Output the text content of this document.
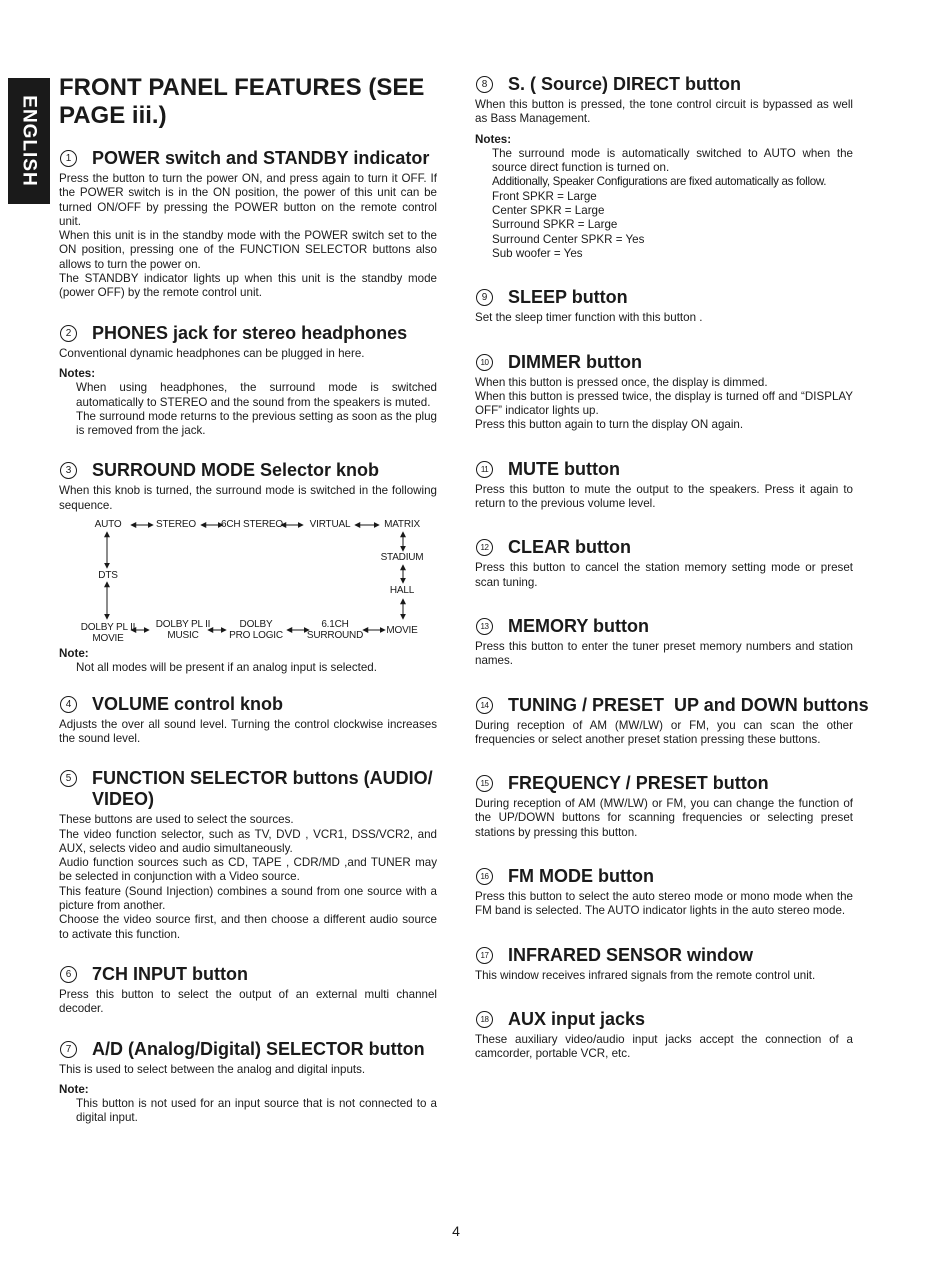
ENGLISH
FRONT PANEL FEATURES (SEE PAGE iii.)
1	POWER switch and STANDBY indicator

Press the button to turn the power ON, and press again to turn it OFF. If the POWER switch is in the ON position, the power of this unit can be turned ON/OFF by pressing the POWER button on the remote control unit.

When this unit is in the standby mode with the POWER switch set to the ON position, pressing one of the FUNCTION SELECTOR buttons also allows to turn the power on.

The STANDBY indicator lights up when this unit is the standby mode (power OFF) by the remote control unit.

2	PHONES jack for stereo headphones

Conventional dynamic headphones can be plugged in here.

Notes:

When using headphones, the surround mode is switched automatically to STEREO and the sound from the speakers is muted.

The surround mode returns to the previous setting as soon as the plug is removed from the jack.

3	SURROUND MODE Selector knob

When this knob is turned, the surround mode is switched in the following sequence.

AUTO	STEREO	6CH STEREO	VIRTUAL	MATRIX
STADIUM
HALL
MOVIE
6.1CH
SURROUND
DOLBY
PRO LOGIC
DOLBY PL II
MUSIC
DOLBY PL II
MOVIE
DTS
Note:

Not all modes will be present if an analog input is selected.

4	VOLUME control knob

Adjusts the over all sound level. Turning the control clockwise increases the sound level.

5	FUNCTION SELECTOR buttons (AUDIO/ VIDEO)

These buttons are used to select the sources.

The video function selector, such as TV, DVD , VCR1, DSS/VCR2, and AUX, selects video and audio simultaneously.

Audio function sources such as CD, TAPE , CDR/MD ,and TUNER may be selected in conjunction with a Video source.

This feature (Sound Injection) combines a sound from one source with a picture from another.

Choose the video source first, and then choose a different audio source to activate this function.

6	7CH INPUT button

Press this button to select the output of an external multi channel decoder.

7	A/D (Analog/Digital) SELECTOR button

This is used to select between the analog and digital inputs.

Note:

This button is not used for an input source that is not connected to a digital input.

8	S. ( Source) DIRECT button

When this button is pressed, the tone control circuit is bypassed as well as Bass Management.

Notes:

The surround mode is automatically switched to AUTO when the source direct function is turned on.

Additionally, Speaker Configurations are fixed automatically as follow.

Front SPKR = Large

Center SPKR = Large

Surround SPKR = Large

Surround Center SPKR = Yes

Sub woofer = Yes

9	SLEEP button

Set the sleep timer function with this button .

10 DIMMER button

When this button is pressed once, the display is dimmed.

When this button is pressed twice, the display is turned off and “DISPLAY OFF” indicator lights up.

Press this button again to turn the display ON again.

11 MUTE button

Press this button to mute the output to the speakers. Press it again to return to the previous volume level.

12 CLEAR button

Press this button to cancel the station memory setting mode or preset scan tuning.

13 MEMORY button

Press this button to enter the tuner preset memory numbers and station names.

14 TUNING / PRESET  UP and DOWN buttons

During reception of AM (MW/LW) or FM, you can scan the other frequencies or select another preset station pressing these buttons.

15 FREQUENCY / PRESET button

During reception of AM (MW/LW) or FM, you can change the function of the UP/DOWN buttons for scanning frequencies or selecting preset stations by pressing this button.

16 FM MODE button

Press this button to select the auto stereo mode or mono mode when the FM band is selected. The AUTO indicator lights in the auto stereo mode.

17 INFRARED SENSOR window

This window receives infrared signals from the remote control unit.

18 AUX input jacks

These auxiliary video/audio input jacks accept the connection of a camcorder, portable VCR, etc.

4
